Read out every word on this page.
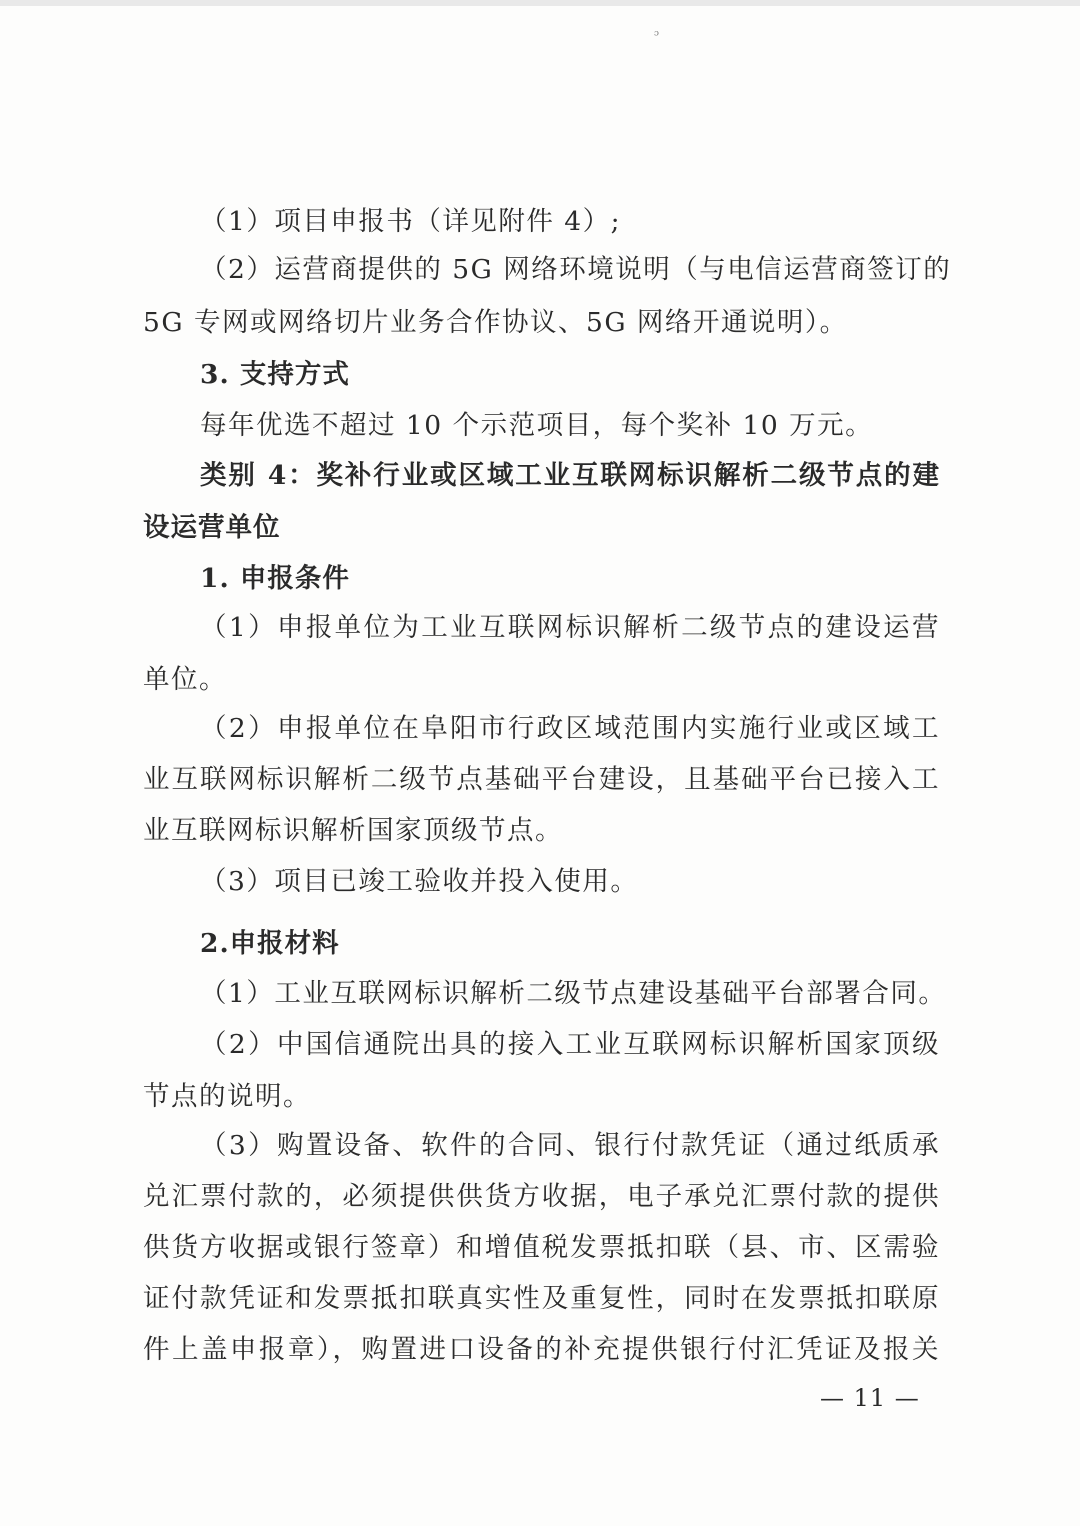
ᵓ
（1）项目申报书（详见附件 4）;
（2）运营商提供的 5G 网络环境说明（与电信运营商签订的
5G 专网或网络切片业务合作协议、5G 网络开通说明）。
3. 支持方式
每年优选不超过 10 个示范项目，每个奖补 10 万元。
类别 4：奖补行业或区域工业互联网标识解析二级节点的建
设运营单位
1. 申报条件
（1）申报单位为工业互联网标识解析二级节点的建设运营
单位。
（2）申报单位在阜阳市行政区域范围内实施行业或区域工
业互联网标识解析二级节点基础平台建设，且基础平台已接入工
业互联网标识解析国家顶级节点。
（3）项目已竣工验收并投入使用。
2.申报材料
（1）工业互联网标识解析二级节点建设基础平台部署合同。
（2）中国信通院出具的接入工业互联网标识解析国家顶级
节点的说明。
（3）购置设备、软件的合同、银行付款凭证（通过纸质承
兑汇票付款的，必须提供供货方收据，电子承兑汇票付款的提供
供货方收据或银行签章）和增值税发票抵扣联（县、市、区需验
证付款凭证和发票抵扣联真实性及重复性，同时在发票抵扣联原
件上盖申报章），购置进口设备的补充提供银行付汇凭证及报关
— 11 —
